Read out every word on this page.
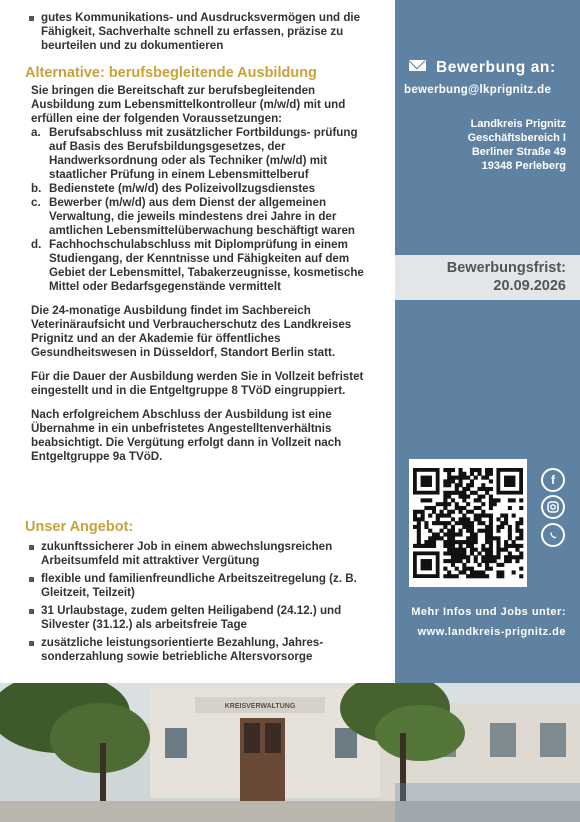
gutes Kommunikations- und Ausdrucksvermögen und die Fähigkeit, Sachverhalte schnell zu erfassen, präzise zu beurteilen und zu dokumentieren
Alternative: berufsbegleitende Ausbildung

Sie bringen die Bereitschaft zur berufsbegleitenden Ausbildung zum Lebensmittelkontrolleur (m/w/d) mit und erfüllen eine der folgenden Voraussetzungen:

a. Berufsabschluss mit zusätzlicher Fortbildungs- prüfung auf Basis des Berufsbildungsgesetzes, der Handwerksordnung oder als Techniker (m/w/d) mit staatlicher Prüfung in einem Lebensmittelberuf
b. Bedienstete (m/w/d) des Polizeivollzugsdienstes
c. Bewerber (m/w/d) aus dem Dienst der allgemeinen Verwaltung, die jeweils mindestens drei Jahre in der amtlichen Lebensmittelüberwachung beschäftigt waren
d. Fachhochschulabschluss mit Diplomprüfung in einem Studiengang, der Kenntnisse und Fähigkeiten auf dem Gebiet der Lebensmittel, Tabakerzeugnisse, kosmetische Mittel oder Bedarfsgegenstände vermittelt

Die 24-monatige Ausbildung findet im Sachbereich Veterinäraufsicht und Verbraucherschutz des Landkreises Prignitz und an der Akademie für öffentliches Gesundheitswesen in Düsseldorf, Standort Berlin statt.

Für die Dauer der Ausbildung werden Sie in Vollzeit befristet eingestellt und in die Entgeltgruppe 8 TVöD eingruppiert.

Nach erfolgreichem Abschluss der Ausbildung ist eine Übernahme in ein unbefristetes Angestelltenverhältnis beabsichtigt. Die Vergütung erfolgt dann in Vollzeit nach Entgeltgruppe 9a TVöD.

Unser Angebot:
zukunftssicherer Job in einem abwechslungsreichen Arbeitsumfeld mit attraktiver Vergütung
flexible und familienfreundliche Arbeitszeitregelung (z. B. Gleitzeit, Teilzeit)
31 Urlaubstage, zudem gelten Heiligabend (24.12.) und Silvester (31.12.) als arbeitsfreie Tage
zusätzliche leistungsorientierte Bezahlung, Jahres- sonderzahlung sowie betriebliche Altersvorsorge
Bewerbung an:
bewerbung@lkprignitz.de
Landkreis Prignitz
Geschäftsbereich I
Berliner Straße 49
19348 Perleberg
Bewerbungsfrist:
20.09.2026
f
Mehr Infos und Jobs unter:
www.landkreis-prignitz.de
KREISVERWALTUNG
